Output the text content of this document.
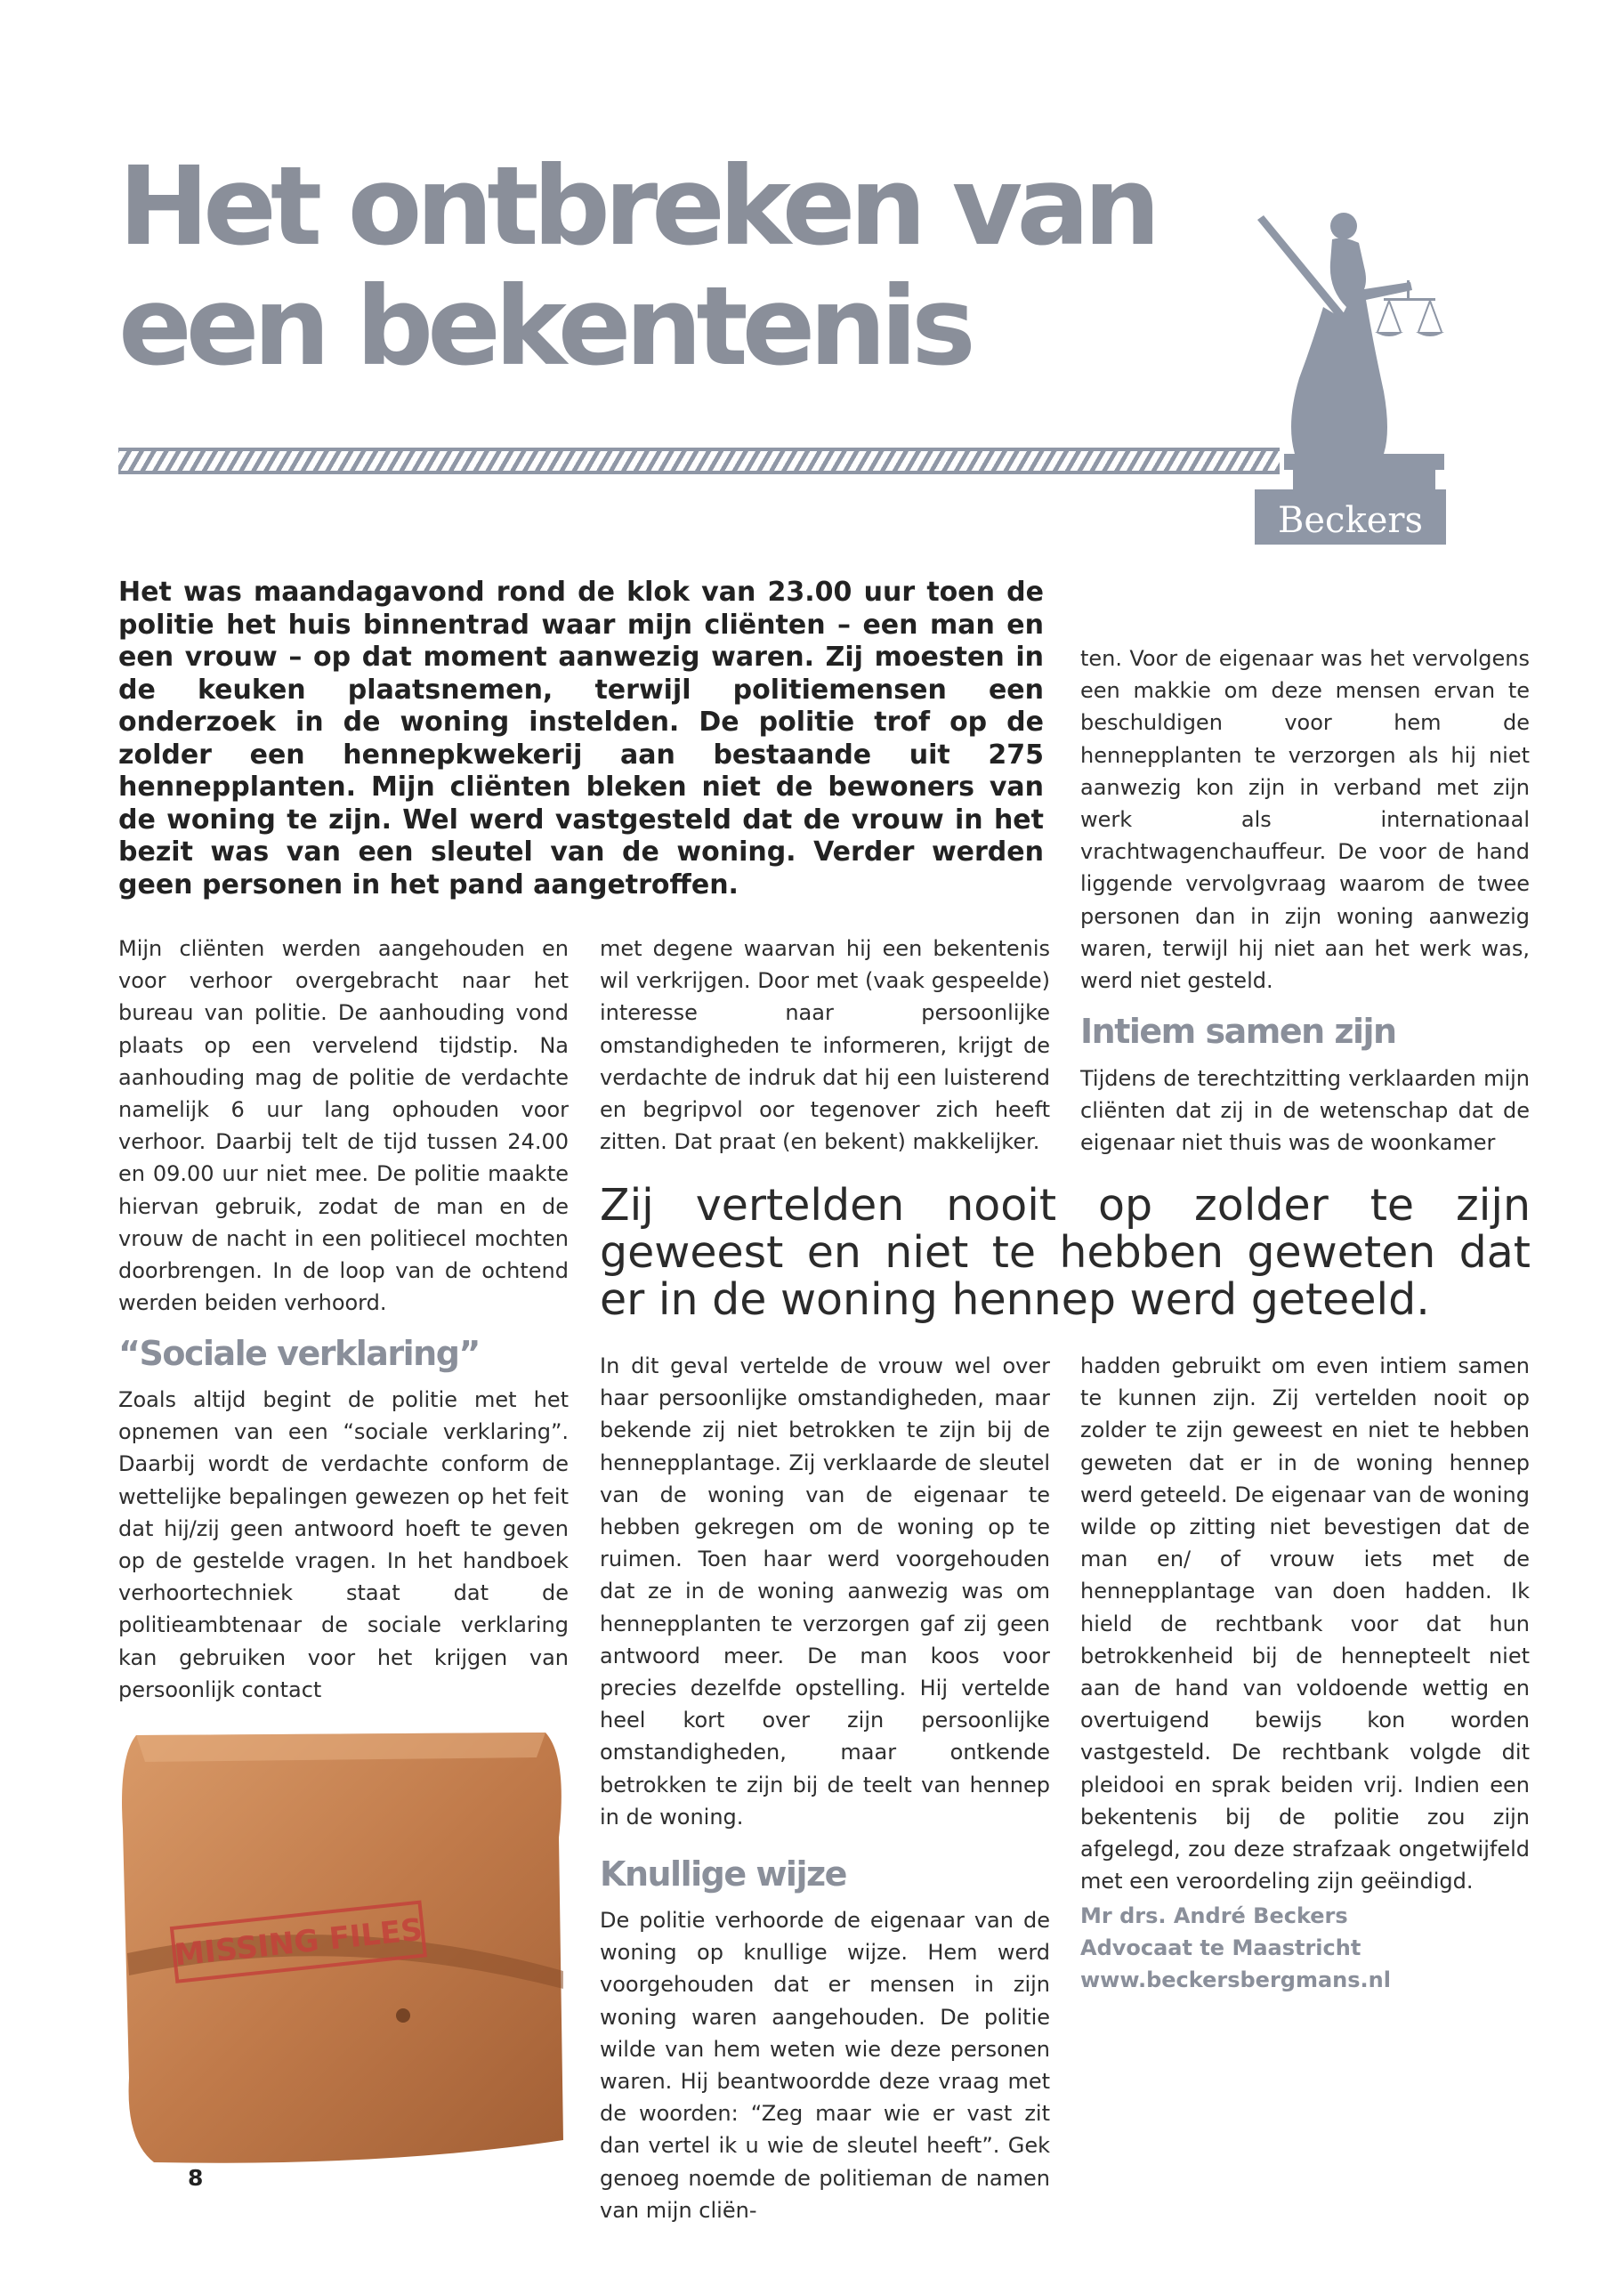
Het ontbreken van
een bekentenis
Beckers

Het was maandagavond rond de klok van 23.00 uur toen de politie het huis binnentrad waar mijn cliënten – een man en een vrouw – op dat moment aanwezig waren. Zij moesten in de keuken plaatsnemen, terwijl politiemensen een onderzoek in de woning instelden. De politie trof op de zolder een hennepkwekerij aan bestaande uit 275 hennepplanten. Mijn cliënten bleken niet de bewoners van de woning te zijn. Wel werd vastgesteld dat de vrouw in het bezit was van een sleutel van de woning. Verder werden geen personen in het pand aangetroffen.

Mijn cliënten werden aangehouden en voor verhoor overgebracht naar het bureau van politie. De aanhouding vond plaats op een vervelend tijdstip. Na aanhouding mag de politie de verdachte namelijk 6 uur lang ophouden voor verhoor. Daarbij telt de tijd tussen 24.00 en 09.00 uur niet mee. De politie maakte hiervan gebruik, zodat de man en de vrouw de nacht in een politiecel mochten doorbrengen. In de loop van de ochtend werden beiden verhoord.

“Sociale verklaring”

Zoals altijd begint de politie met het opnemen van een “sociale verklaring”. Daarbij wordt de verdachte conform de wettelijke bepalingen gewezen op het feit dat hij/zij geen antwoord hoeft te geven op de gestelde vragen. In het handboek verhoortechniek staat dat de politieambtenaar de sociale verklaring kan gebruiken voor het krijgen van persoonlijk contact

met degene waarvan hij een bekentenis wil verkrijgen. Door met (vaak gespeelde) interesse naar persoonlijke omstandigheden te informeren, krijgt de verdachte de indruk dat hij een luisterend en begripvol oor tegenover zich heeft zitten. Dat praat (en bekent) makkelijker.

ten. Voor de eigenaar was het vervolgens een makkie om deze mensen ervan te beschuldigen voor hem de hennepplanten te verzorgen als hij niet aanwezig kon zijn in verband met zijn werk als internationaal vrachtwagenchauffeur. De voor de hand liggende vervolgvraag waarom de twee personen dan in zijn woning aanwezig waren, terwijl hij niet aan het werk was, werd niet gesteld.

Intiem samen zijn

Tijdens de terechtzitting verklaarden mijn cliënten dat zij in de wetenschap dat de eigenaar niet thuis was de woonkamer

Zij vertelden nooit op zolder te zijn geweest en niet te hebben geweten dat er in de woning hennep werd geteeld.

In dit geval vertelde de vrouw wel over haar persoonlijke omstandigheden, maar bekende zij niet betrokken te zijn bij de hennepplantage. Zij verklaarde de sleutel van de woning van de eigenaar te hebben gekregen om de woning op te ruimen. Toen haar werd voorgehouden dat ze in de woning aanwezig was om hennepplanten te verzorgen gaf zij geen antwoord meer. De man koos voor precies dezelfde opstelling. Hij vertelde heel kort over zijn persoonlijke omstandigheden, maar ontkende betrokken te zijn bij de teelt van hennep in de woning.

Knullige wijze

De politie verhoorde de eigenaar van de woning op knullige wijze. Hem werd voorgehouden dat er mensen in zijn woning waren aangehouden. De politie wilde van hem weten wie deze personen waren. Hij beantwoordde deze vraag met de woorden: “Zeg maar wie er vast zit dan vertel ik u wie de sleutel heeft”. Gek genoeg noemde de politieman de namen van mijn cliën-

hadden gebruikt om even intiem samen te kunnen zijn. Zij vertelden nooit op zolder te zijn geweest en niet te hebben geweten dat er in de woning hennep werd geteeld. De eigenaar van de woning wilde op zitting niet bevestigen dat de man en/ of vrouw iets met de hennepplantage van doen hadden. Ik hield de rechtbank voor dat hun betrokkenheid bij de hennepteelt niet aan de hand van voldoende wettig en overtuigend bewijs kon worden vastgesteld. De rechtbank volgde dit pleidooi en sprak beiden vrij. Indien een bekentenis bij de politie zou zijn afgelegd, zou deze strafzaak ongetwijfeld met een veroordeling zijn geëindigd.

Mr drs. André Beckers
Advocaat te Maastricht
www.beckersbergmans.nl
MISSING FILES
8
